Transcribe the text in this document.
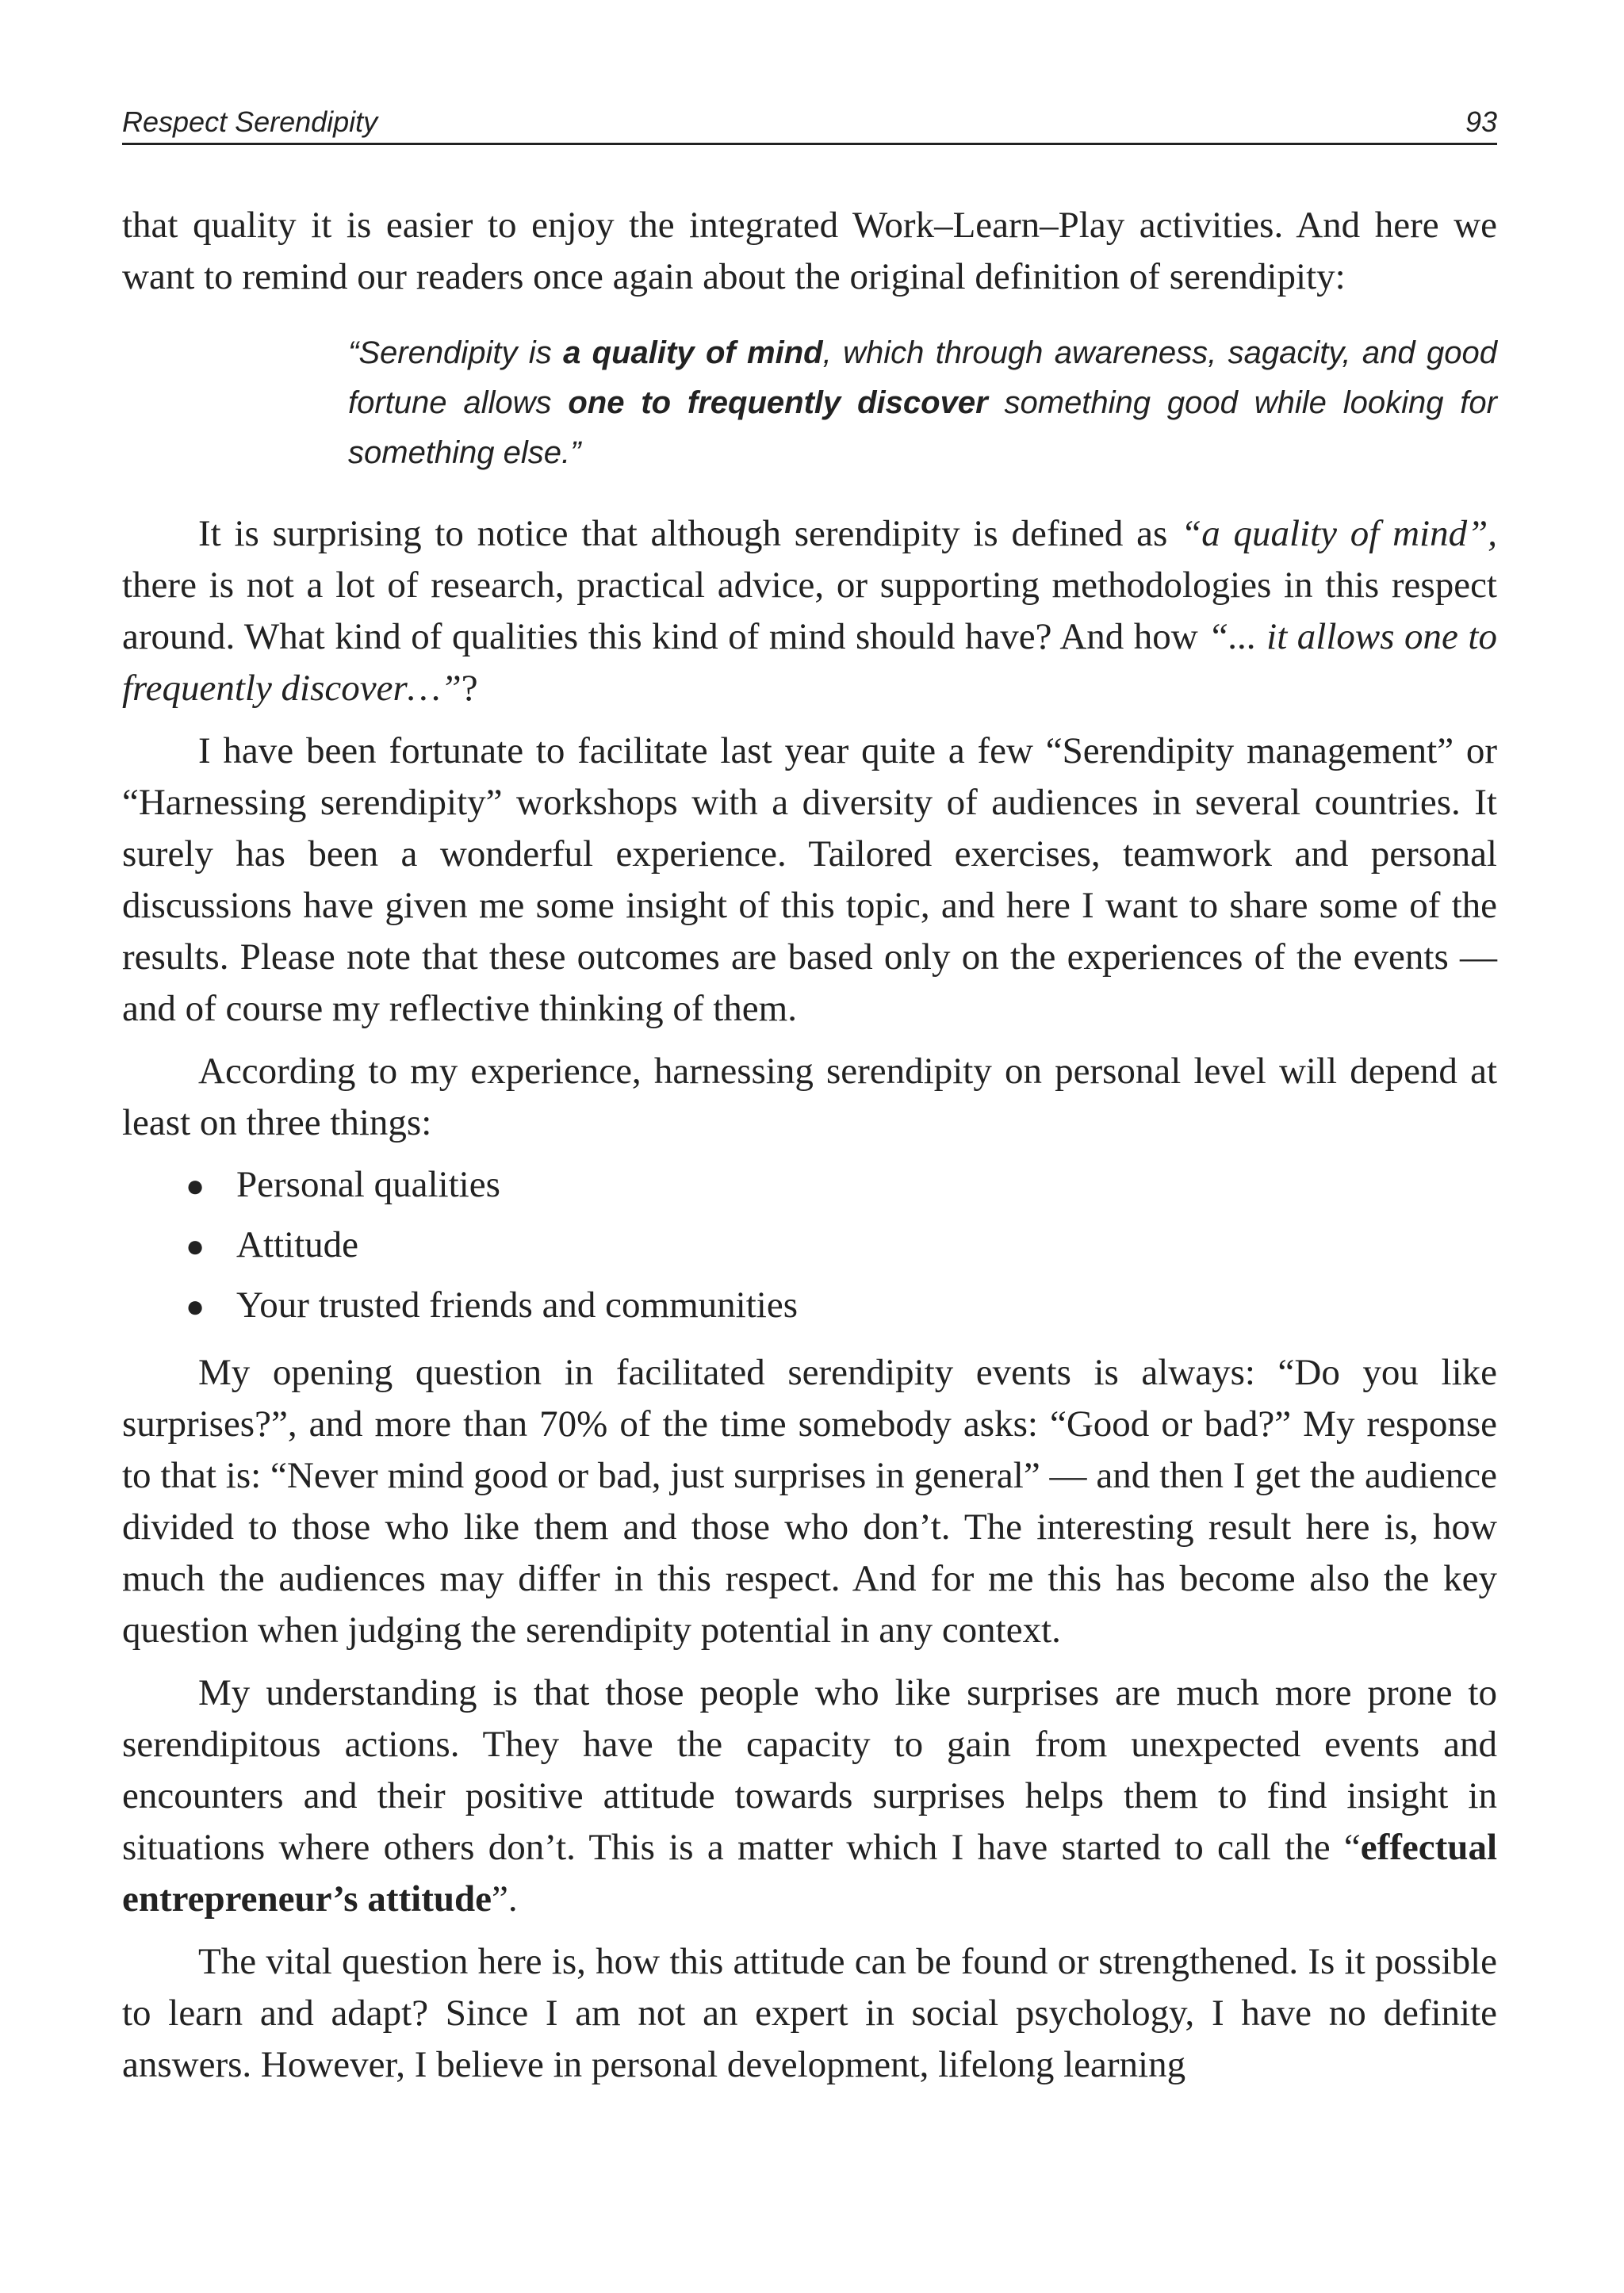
Respect Serendipity	93

that quality it is easier to enjoy the integrated Work–Learn–Play activities. And here we want to remind our readers once again about the original definition of serendipity:

“Serendipity is a quality of mind, which through awareness, sagacity, and good fortune allows one to frequently discover something good while looking for something else.”

It is surprising to notice that although serendipity is defined as “a quality of mind”, there is not a lot of research, practical advice, or supporting methodologies in this respect around. What kind of qualities this kind of mind should have? And how “... it allows one to frequently discover…”?

I have been fortunate to facilitate last year quite a few “Serendipity management” or “Harnessing serendipity” workshops with a diversity of audiences in several countries. It surely has been a wonderful experience. Tailored exercises, teamwork and personal discussions have given me some insight of this topic, and here I want to share some of the results. Please note that these outcomes are based only on the experiences of the events — and of course my reflective thinking of them.

According to my experience, harnessing serendipity on personal level will depend at least on three things:

● Personal qualities
● Attitude
● Your trusted friends and communities

My opening question in facilitated serendipity events is always: “Do you like surprises?”, and more than 70% of the time somebody asks: “Good or bad?” My response to that is: “Never mind good or bad, just surprises in general” — and then I get the audience divided to those who like them and those who don’t. The interesting result here is, how much the audiences may differ in this respect. And for me this has become also the key question when judging the serendipity potential in any context.

My understanding is that those people who like surprises are much more prone to serendipitous actions. They have the capacity to gain from unexpected events and encounters and their positive attitude towards surprises helps them to find insight in situations where others don’t. This is a matter which I have started to call the “effectual entrepreneur’s attitude”.

The vital question here is, how this attitude can be found or strengthened. Is it possible to learn and adapt? Since I am not an expert in social psychology, I have no definite answers. However, I believe in personal development, lifelong learning
